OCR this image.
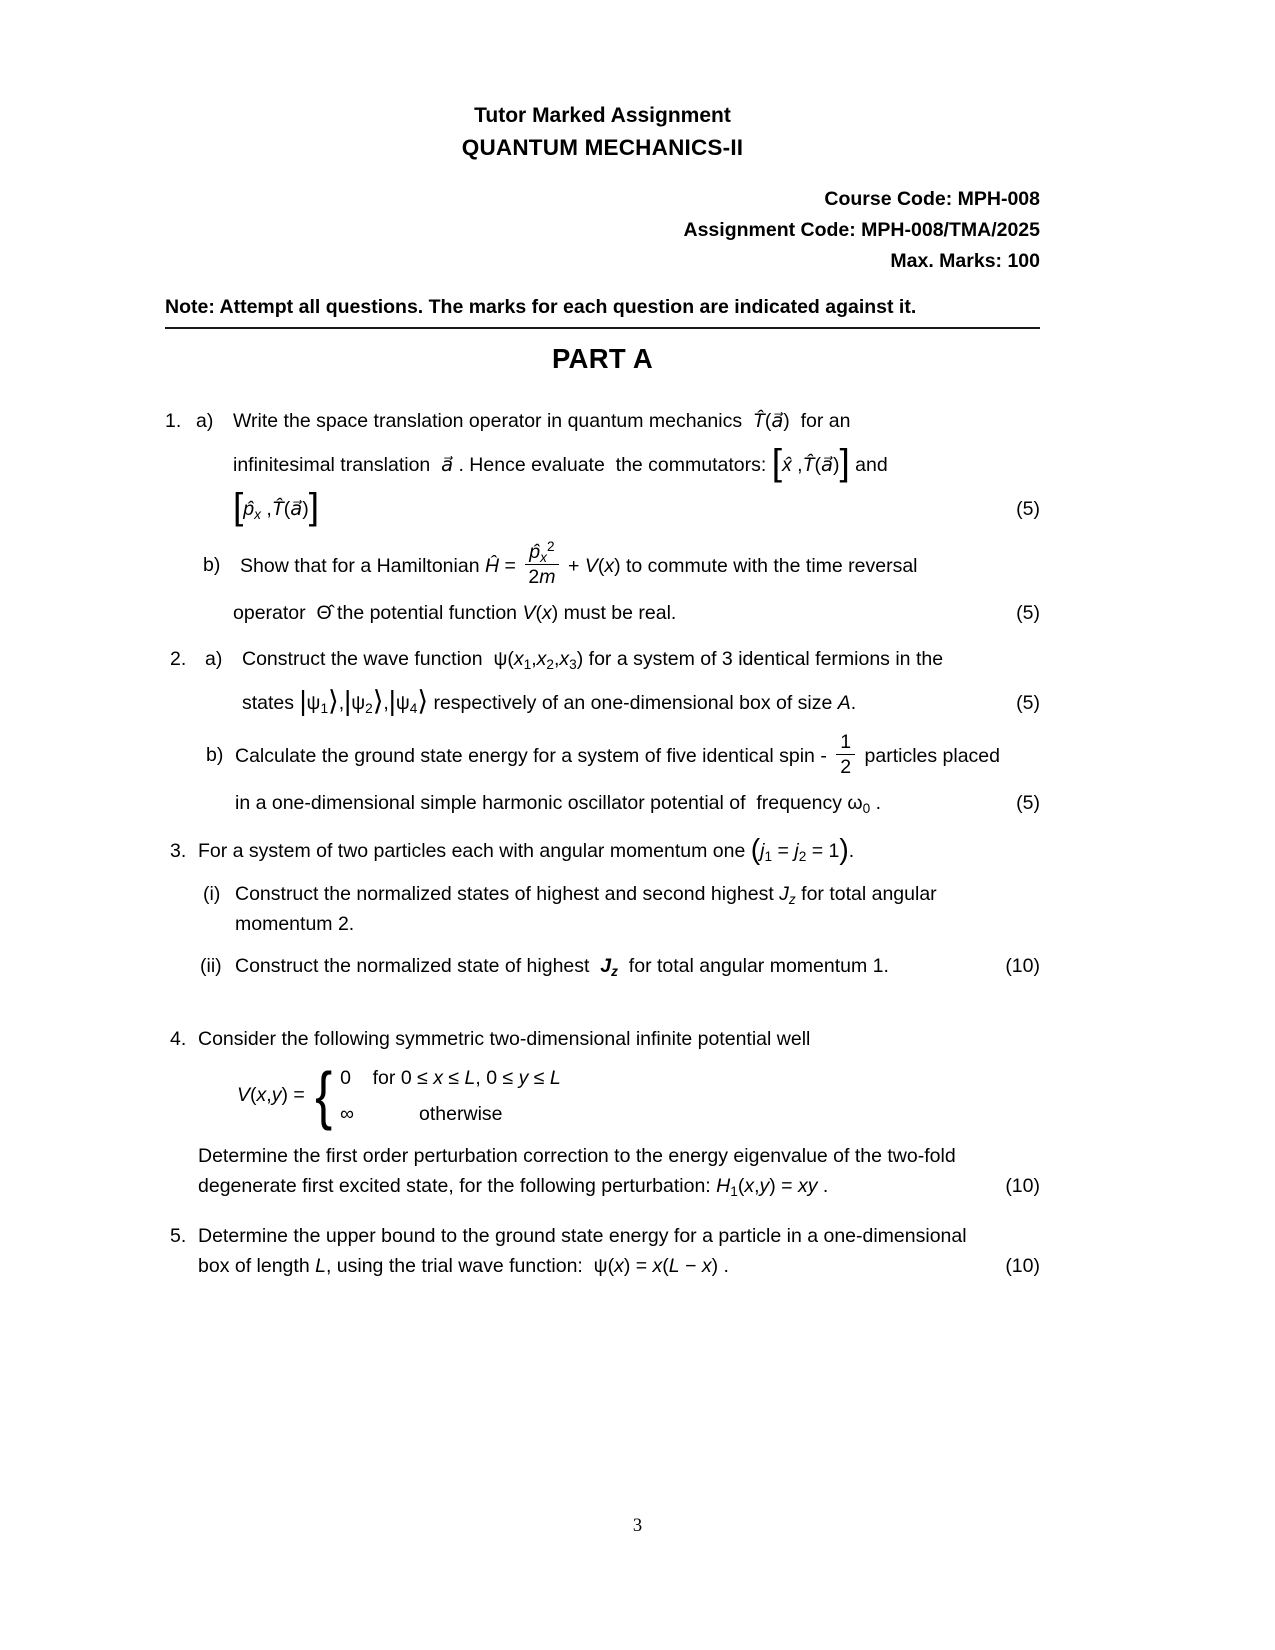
Tutor Marked Assignment
QUANTUM MECHANICS-II
Course Code: MPH-008
Assignment Code: MPH-008/TMA/2025
Max. Marks: 100
Note: Attempt all questions. The marks for each question are indicated against it.
PART A
1. a) Write the space translation operator in quantum mechanics  T̂(a⃗)  for an
infinitesimal translation  a⃗ . Hence evaluate  the commutators: [x̂ ,T̂(a⃗)] and
[$p̂_x$ ,T̂(a⃗)]	(5)
b) Show that for a Hamiltonian Ĥ = $\frac{p̂_x^2}{2m} + V(x)$ to commute with the time reversal
operator  Θ̂ the potential function V(x) must be real.	(5)
2. a) Construct the wave function  $\psi(x_1,x_2,x_3)$ for a system of 3 identical fermions in the
states $|\psi_1⟩,|\psi_2⟩,|\psi_4⟩$ respectively of an one-dimensional box of size A.	(5)
b) Calculate the ground state energy for a system of five identical spin - $\frac{1}{2}$ particles placed
in a one-dimensional simple harmonic oscillator potential of  frequency $\omega_0$ .	(5)
3. For a system of two particles each with angular momentum one $(j_1 = j_2 = 1)$.
(i) Construct the normalized states of highest and second highest $J_z$ for total angular
momentum 2.
(ii) Construct the normalized state of highest  $J_z$  for total angular momentum 1.	(10)
4. Consider the following symmetric two-dimensional infinite potential well
V(x,y) = { 0    for 0 ≤ x ≤ L, 0 ≤ y ≤ L
∞            otherwise
Determine the first order perturbation correction to the energy eigenvalue of the two-fold
degenerate first excited state, for the following perturbation: $H_1(x,y)$ = xy .	(10)
5. Determine the upper bound to the ground state energy for a particle in a one-dimensional
box of length L, using the trial wave function:  ψ(x) = x(L − x) .	(10)
3
